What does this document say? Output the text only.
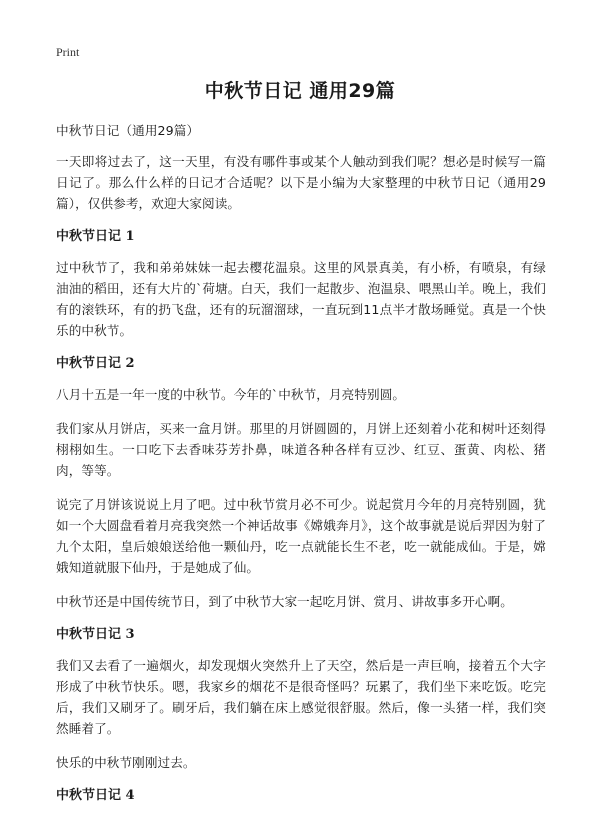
Print
中秋节日记 通用29篇

中秋节日记（通用29篇）

一天即将过去了，这一天里，有没有哪件事或某个人触动到我们呢？想必是时候写一篇日记了。那么什么样的日记才合适呢？以下是小编为大家整理的中秋节日记（通用29篇），仅供参考，欢迎大家阅读。

中秋节日记 1

过中秋节了，我和弟弟妹妹一起去樱花温泉。这里的风景真美，有小桥，有喷泉，有绿油油的稻田，还有大片的`荷塘。白天，我们一起散步、泡温泉、喂黑山羊。晚上，我们有的滚铁环，有的扔飞盘，还有的玩溜溜球，一直玩到11点半才散场睡觉。真是一个快乐的中秋节。

中秋节日记 2

八月十五是一年一度的中秋节。今年的`中秋节，月亮特别圆。

我们家从月饼店，买来一盒月饼。那里的月饼圆圆的，月饼上还刻着小花和树叶还刻得栩栩如生。一口吃下去香味芬芳扑鼻，味道各种各样有豆沙、红豆、蛋黄、肉松、猪肉，等等。

说完了月饼该说说上月了吧。过中秋节赏月必不可少。说起赏月今年的月亮特别圆，犹如一个大圆盘看着月亮我突然一个神话故事《嫦娥奔月》，这个故事就是说后羿因为射了九个太阳，皇后娘娘送给他一颗仙丹，吃一点就能长生不老，吃一就能成仙。于是，嫦娥知道就服下仙丹，于是她成了仙。

中秋节还是中国传统节日，到了中秋节大家一起吃月饼、赏月、讲故事多开心啊。

中秋节日记 3

我们又去看了一遍烟火，却发现烟火突然升上了天空，然后是一声巨响，接着五个大字形成了中秋节快乐。嗯，我家乡的烟花不是很奇怪吗？玩累了，我们坐下来吃饭。吃完后，我们又刷牙了。刷牙后，我们躺在床上感觉很舒服。然后，像一头猪一样，我们突然睡着了。

快乐的中秋节刚刚过去。

中秋节日记 4
